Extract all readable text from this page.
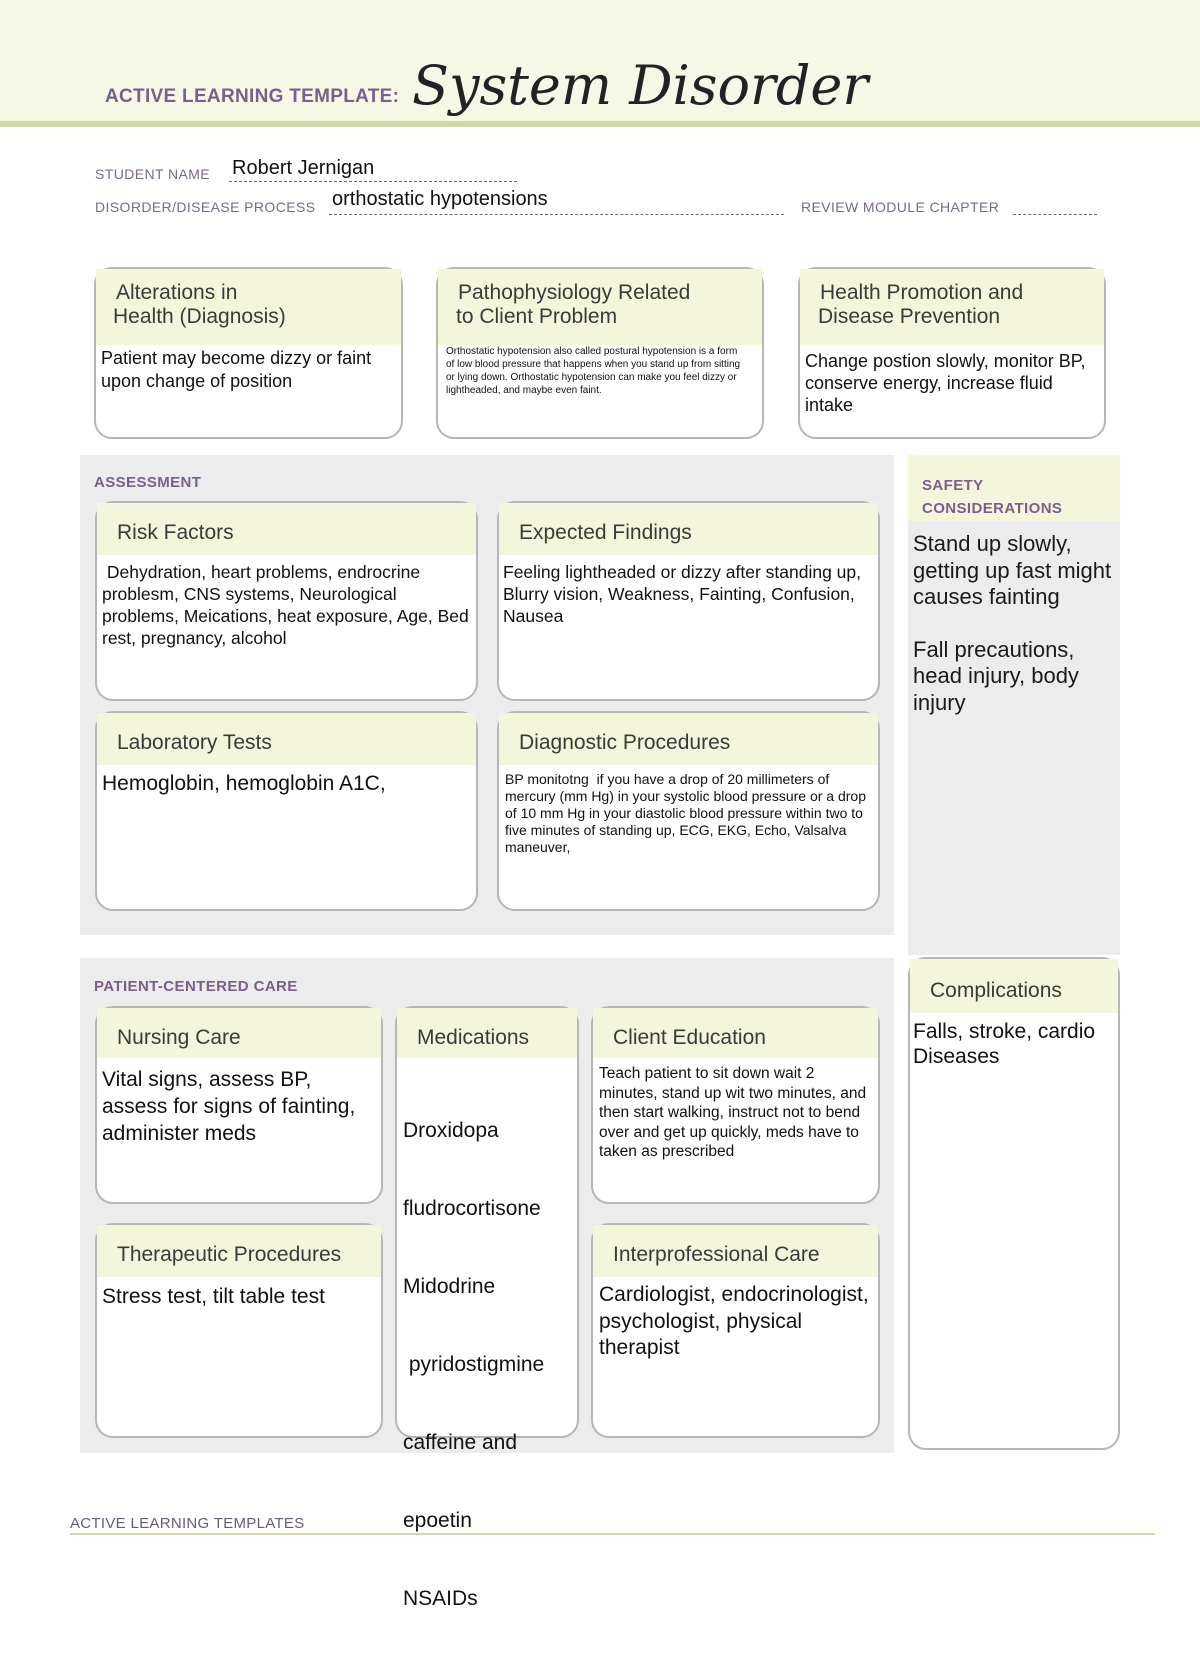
ACTIVE LEARNING TEMPLATE: System Disorder
STUDENT NAME Robert Jernigan
DISORDER/DISEASE PROCESS orthostatic hypotensions	REVIEW MODULE CHAPTER
Alterations in
Health (Diagnosis)
Patient may become dizzy or faint upon change of position
Pathophysiology Related
to Client Problem
Orthostatic hypotension also called postural hypotension is a form of low blood pressure that happens when you stand up from sitting or lying down. Orthostatic hypotension can make you feel dizzy or lightheaded, and maybe even faint.
Health Promotion and
Disease Prevention
Change postion slowly, monitor BP, conserve energy, increase fluid intake
ASSESSMENT
Risk Factors
Dehydration, heart problems, endrocrine problesm, CNS systems, Neurological problems, Meications, heat exposure, Age, Bed rest, pregnancy, alcohol
Expected Findings
Feeling lightheaded or dizzy after standing up, Blurry vision, Weakness, Fainting, Confusion, Nausea
Laboratory Tests
Hemoglobin, hemoglobin A1C,
Diagnostic Procedures
BP monitotng  if you have a drop of 20 millimeters of mercury (mm Hg) in your systolic blood pressure or a drop of 10 mm Hg in your diastolic blood pressure within two to five minutes of standing up, ECG, EKG, Echo, Valsalva maneuver,
SAFETY
CONSIDERATIONS
Stand up slowly, getting up fast might causes fainting
Fall precautions, head injury, body injury
PATIENT-CENTERED CARE
Nursing Care
Vital signs, assess BP, assess for signs of fainting, administer meds
Medications

Droxidopa

fludrocortisone

Midodrine

pyridostigmine

caffeine and

epoetin

NSAIDs

Client Education
Teach patient to sit down wait 2 minutes, stand up wit two minutes, and then start walking, instruct not to bend over and get up quickly, meds have to taken as prescribed
Therapeutic Procedures
Stress test, tilt table test
Interprofessional Care
Cardiologist, endocrinologist, psychologist, physical therapist
Complications
Falls, stroke, cardio Diseases
ACTIVE LEARNING TEMPLATES
